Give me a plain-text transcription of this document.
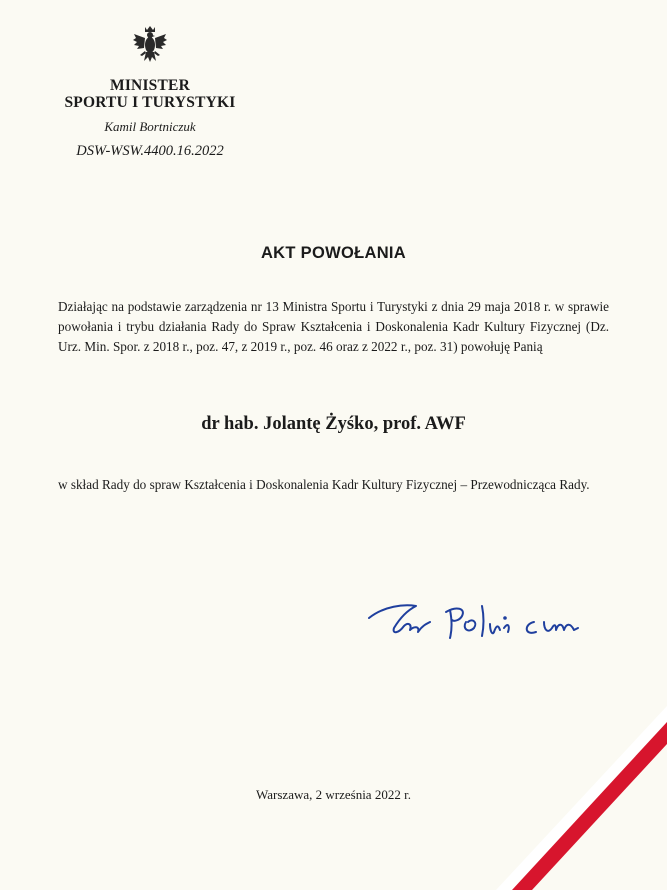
MINISTER
SPORTU I TURYSTYKI
Kamil Bortniczuk
DSW-WSW.4400.16.2022
AKT POWOŁANIA
Działając na podstawie zarządzenia nr 13 Ministra Sportu i Turystyki z dnia 29 maja 2018 r. w sprawie powołania i trybu działania Rady do Spraw Kształcenia i Doskonalenia Kadr Kultury Fizycznej (Dz. Urz. Min. Spor. z 2018 r., poz. 47, z 2019 r., poz. 46 oraz z 2022 r., poz. 31) powołuję Panią
dr hab. Jolantę Żyśko, prof. AWF
w skład Rady do spraw Kształcenia i Doskonalenia Kadr Kultury Fizycznej – Przewodnicząca Rady.
Warszawa, 2 września 2022 r.
